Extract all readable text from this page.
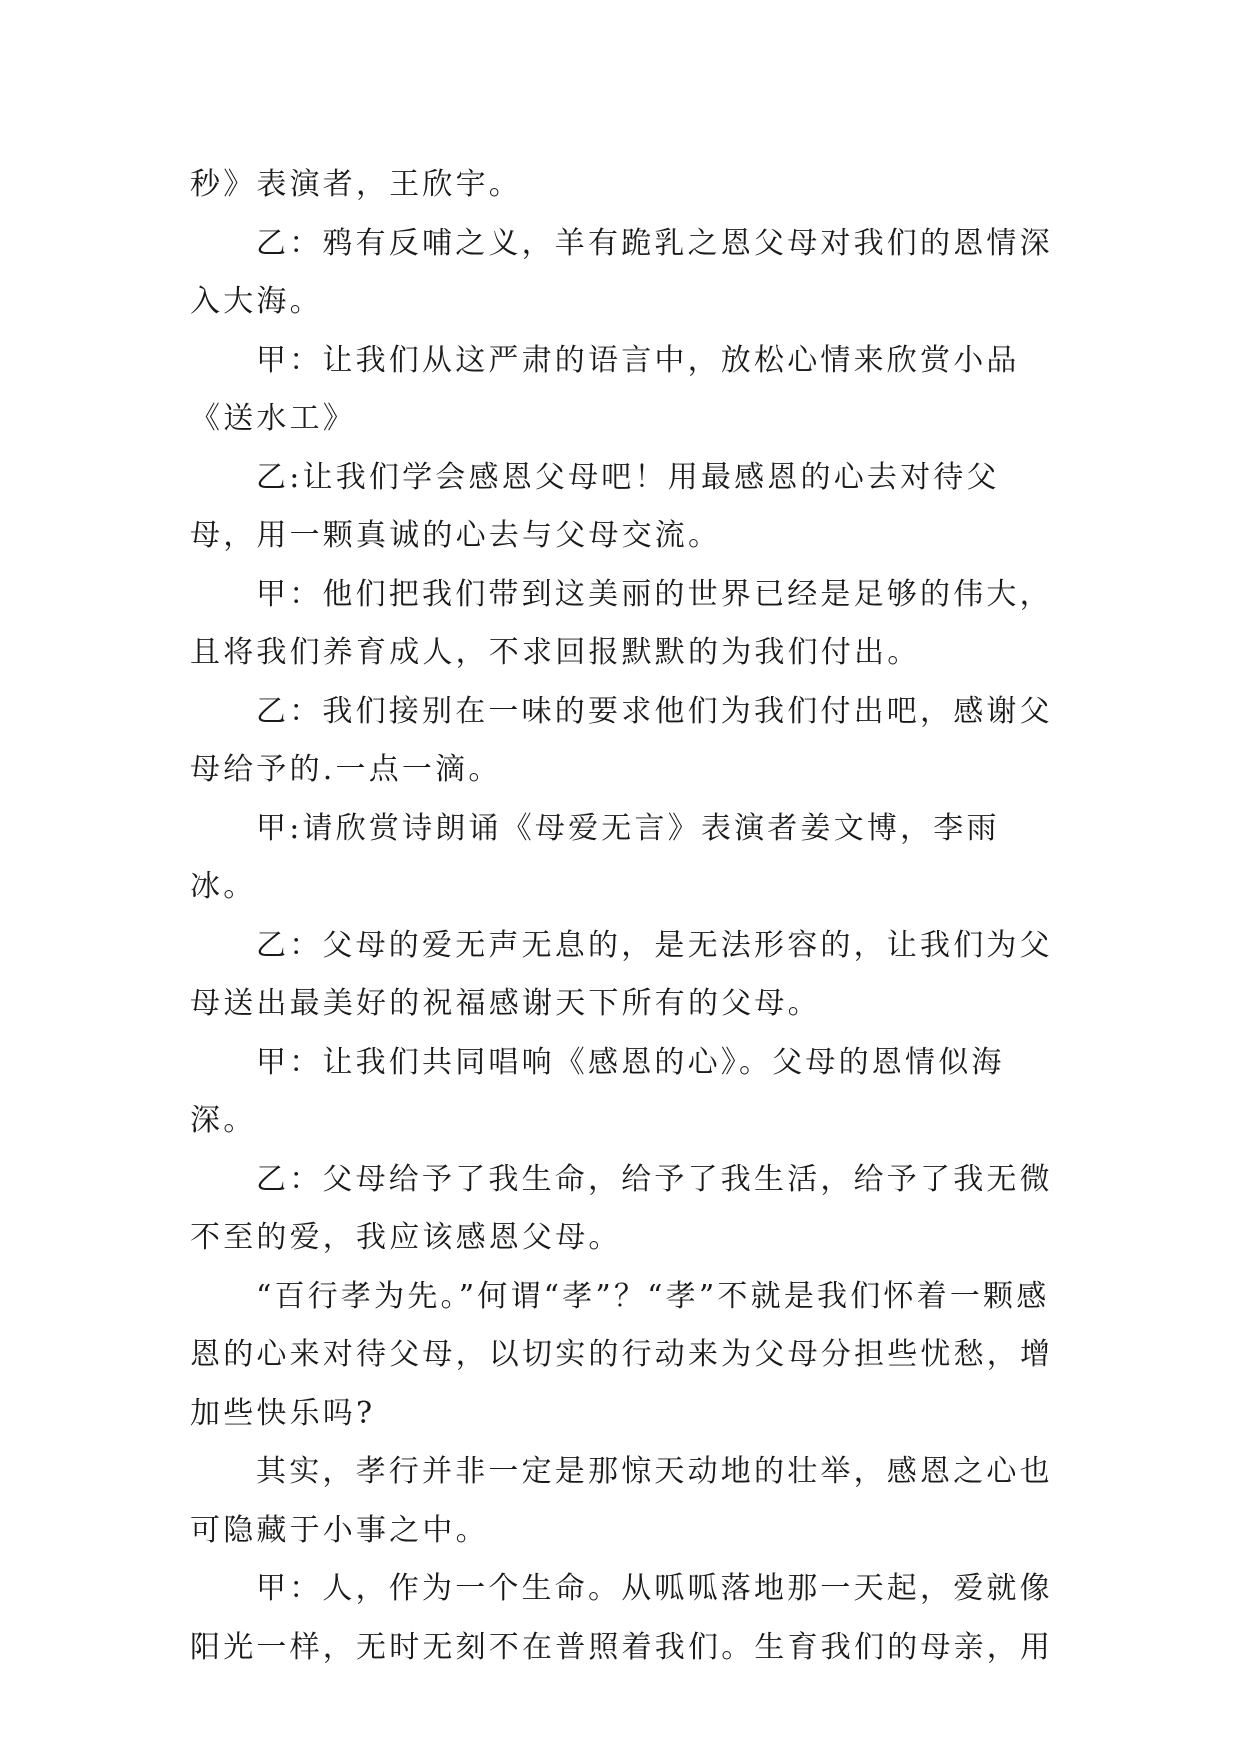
秒》表演者，王欣宇。

乙：鸦有反哺之义，羊有跪乳之恩父母对我们的恩情深入大海。

甲：让我们从这严肃的语言中，放松心情来欣赏小品《送水工》

乙:让我们学会感恩父母吧！用最感恩的心去对待父母，用一颗真诚的心去与父母交流。

甲：他们把我们带到这美丽的世界已经是足够的伟大，且将我们养育成人，不求回报默默的为我们付出。

乙：我们接别在一味的要求他们为我们付出吧，感谢父母给予的.一点一滴。

甲:请欣赏诗朗诵《母爱无言》表演者姜文博，李雨冰。

乙：父母的爱无声无息的，是无法形容的，让我们为父母送出最美好的祝福感谢天下所有的父母。

甲：让我们共同唱响《感恩的心》。父母的恩情似海深。

乙：父母给予了我生命，给予了我生活，给予了我无微不至的爱，我应该感恩父母。

“百行孝为先。”何谓“孝”？“孝”不就是我们怀着一颗感恩的心来对待父母，以切实的行动来为父母分担些忧愁，增加些快乐吗?

其实，孝行并非一定是那惊天动地的壮举，感恩之心也可隐藏于小事之中。

甲：人，作为一个生命。从呱呱落地那一天起，爱就像阳光一样，无时无刻不在普照着我们。生育我们的母亲，用
